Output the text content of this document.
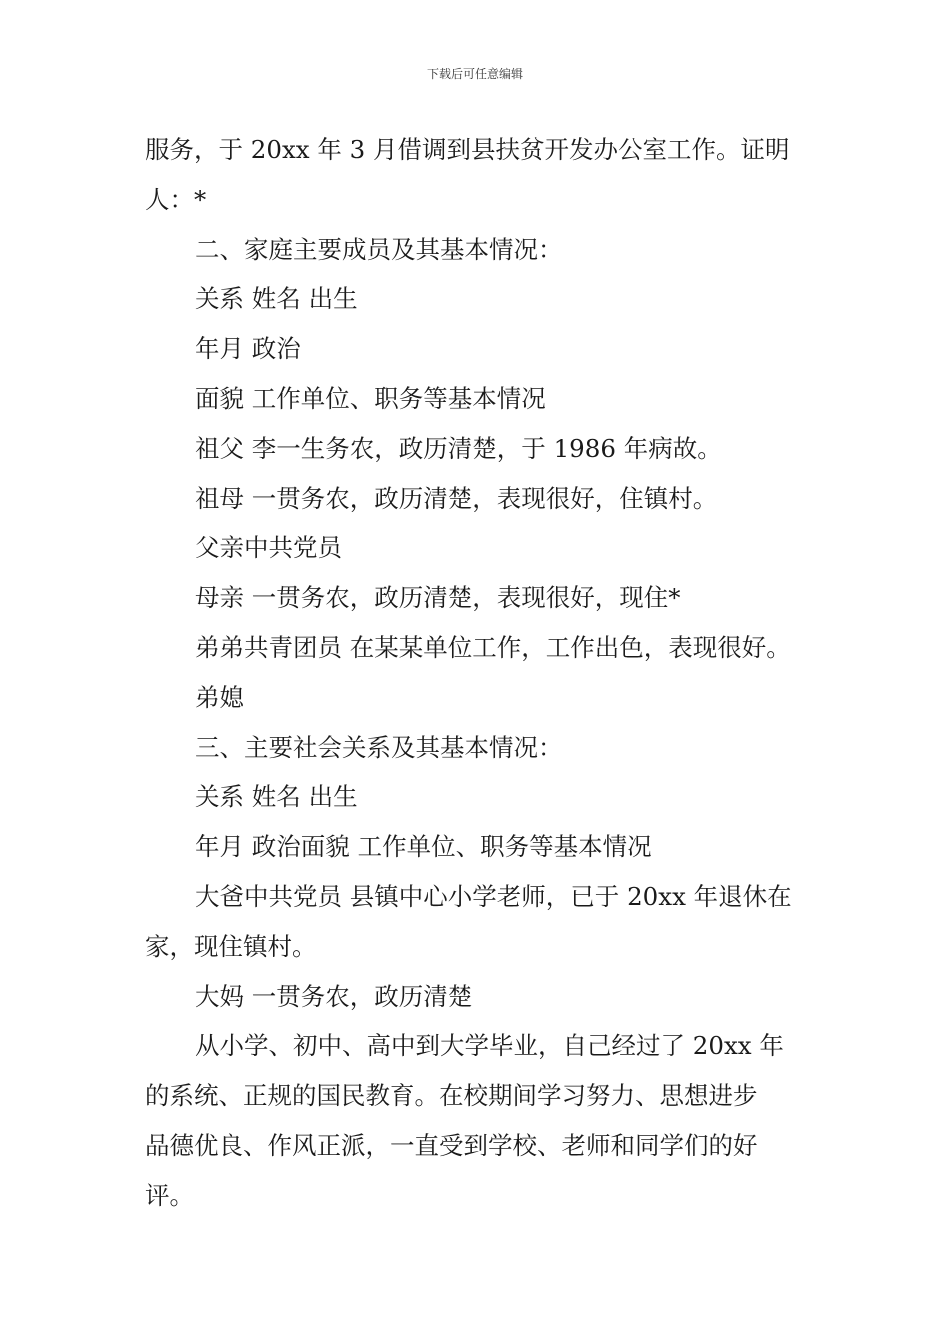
下载后可任意编辑

服务，于 20xx 年 3 月借调到县扶贫开发办公室工作。证明

人：*

二、家庭主要成员及其基本情况：

关系 姓名 出生

年月 政治

面貌 工作单位、职务等基本情况

祖父 李一生务农，政历清楚，于 1986 年病故。

祖母 一贯务农，政历清楚，表现很好，住镇村。

父亲中共党员

母亲 一贯务农，政历清楚，表现很好，现住*

弟弟共青团员 在某某单位工作，工作出色，表现很好。

弟媳

三、主要社会关系及其基本情况：

关系 姓名 出生

年月 政治面貌 工作单位、职务等基本情况

大爸中共党员 县镇中心小学老师，已于 20xx 年退休在

家，现住镇村。

大妈 一贯务农，政历清楚

从小学、初中、高中到大学毕业，自己经过了 20xx 年

的系统、正规的国民教育。在校期间学习努力、思想进步

品德优良、作风正派，一直受到学校、老师和同学们的好

评。
